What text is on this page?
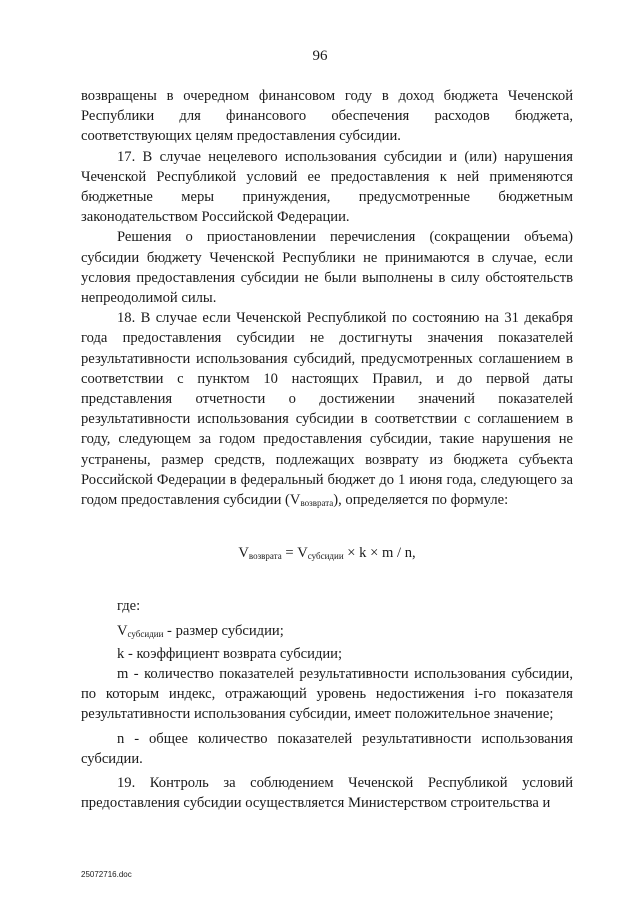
96

возвращены в очередном финансовом году в доход бюджета Чеченской Республики для финансового обеспечения расходов бюджета, соответствующих целям предоставления субсидии.

17. В случае нецелевого использования субсидии и (или) нарушения Чеченской Республикой условий ее предоставления к ней применяются бюджетные меры принуждения, предусмотренные бюджетным законодательством Российской Федерации.

Решения о приостановлении перечисления (сокращении объема) субсидии бюджету Чеченской Республики не принимаются в случае, если условия предоставления субсидии не были выполнены в силу обстоятельств непреодолимой силы.

18. В случае если Чеченской Республикой по состоянию на 31 декабря года предоставления субсидии не достигнуты значения показателей результативности использования субсидий, предусмотренных соглашением в соответствии с пунктом 10 настоящих Правил, и до первой даты представления отчетности о достижении значений показателей результативности использования субсидии в соответствии с соглашением в году, следующем за годом предоставления субсидии, такие нарушения не устранены, размер средств, подлежащих возврату из бюджета субъекта Российской Федерации в федеральный бюджет до 1 июня года, следующего за годом предоставления субсидии $(V_{возврата})$, определяется по формуле:

$V_{возврата} = V_{субсидии} \times k \times m / n$,

где:

$V_{субсидии}$ - размер субсидии;

k - коэффициент возврата субсидии;

m - количество показателей результативности использования субсидии, по которым индекс, отражающий уровень недостижения i-го показателя результативности использования субсидии, имеет положительное значение;

n - общее количество показателей результативности использования субсидии.

19. Контроль за соблюдением Чеченской Республикой условий предоставления субсидии осуществляется Министерством строительства и

25072716.doc
